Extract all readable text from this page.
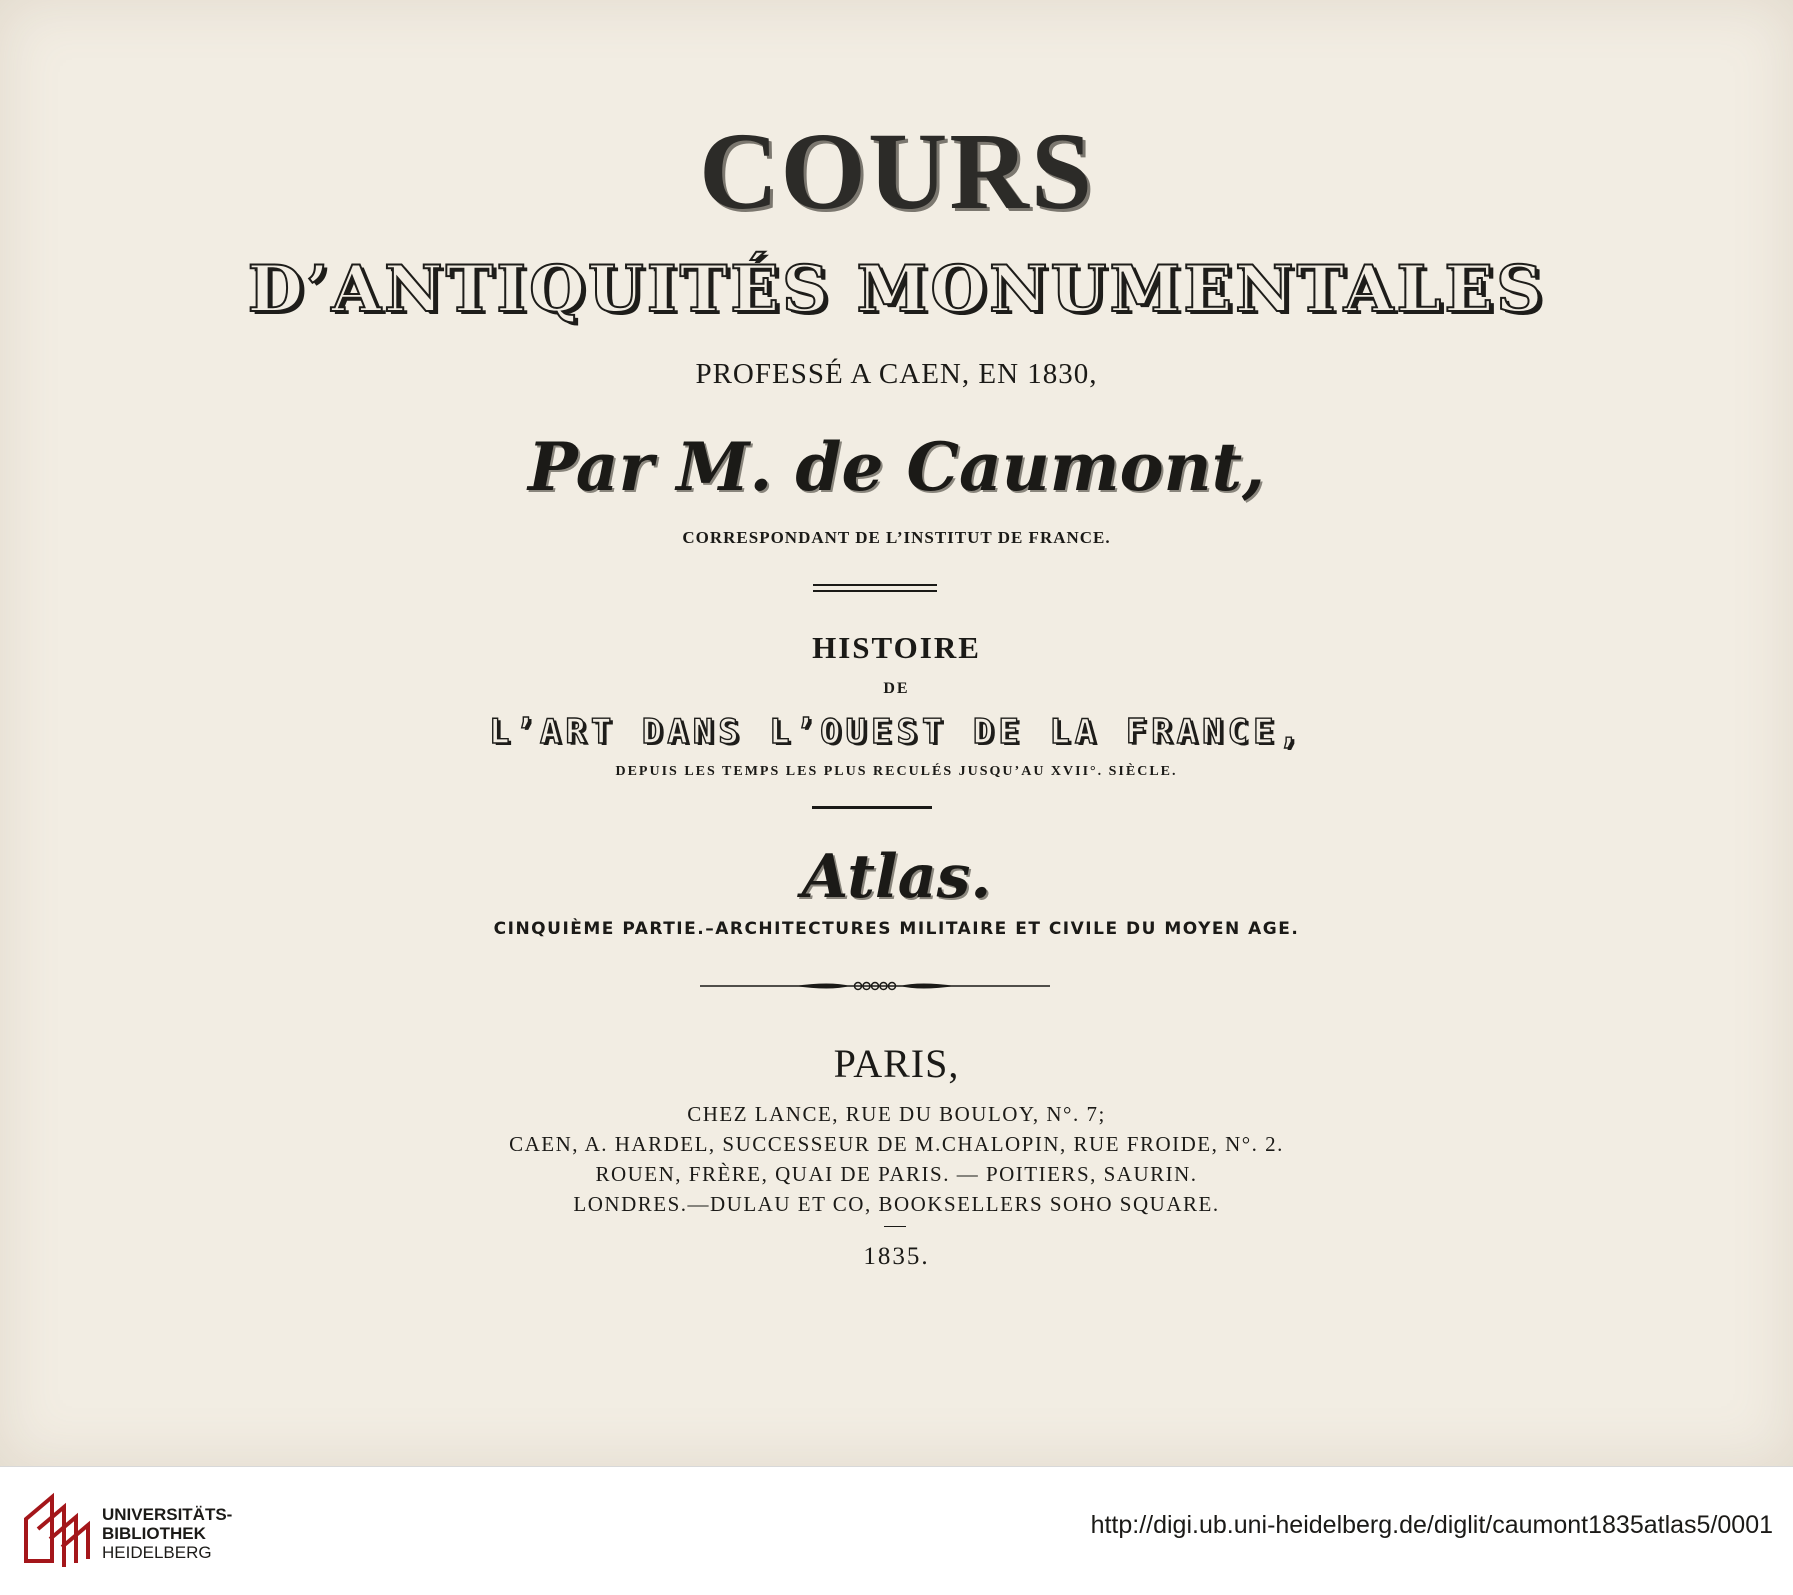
COURS
D’ANTIQUITÉS MONUMENTALES
PROFESSÉ A CAEN, EN 1830,
Par M. de Caumont,
CORRESPONDANT DE L’INSTITUT DE FRANCE.
HISTOIRE
DE
L’ART DANS L’OUEST DE LA FRANCE,
DEPUIS LES TEMPS LES PLUS RECULÉS JUSQU’AU XVII°. SIÈCLE.
Atlas.
CINQUIÈME PARTIE.–ARCHITECTURES MILITAIRE ET CIVILE DU MOYEN AGE.
PARIS,
CHEZ LANCE, RUE DU BOULOY, N°. 7;
CAEN, A. HARDEL, SUCCESSEUR DE M.CHALOPIN, RUE FROIDE, N°. 2.
ROUEN, FRÈRE, QUAI DE PARIS. — POITIERS, SAURIN.
LONDRES.—DULAU ET CO, BOOKSELLERS SOHO SQUARE.
1835.
UNIVERSITÄTS-
BIBLIOTHEK
HEIDELBERG
http://digi.ub.uni-heidelberg.de/diglit/caumont1835atlas5/0001
